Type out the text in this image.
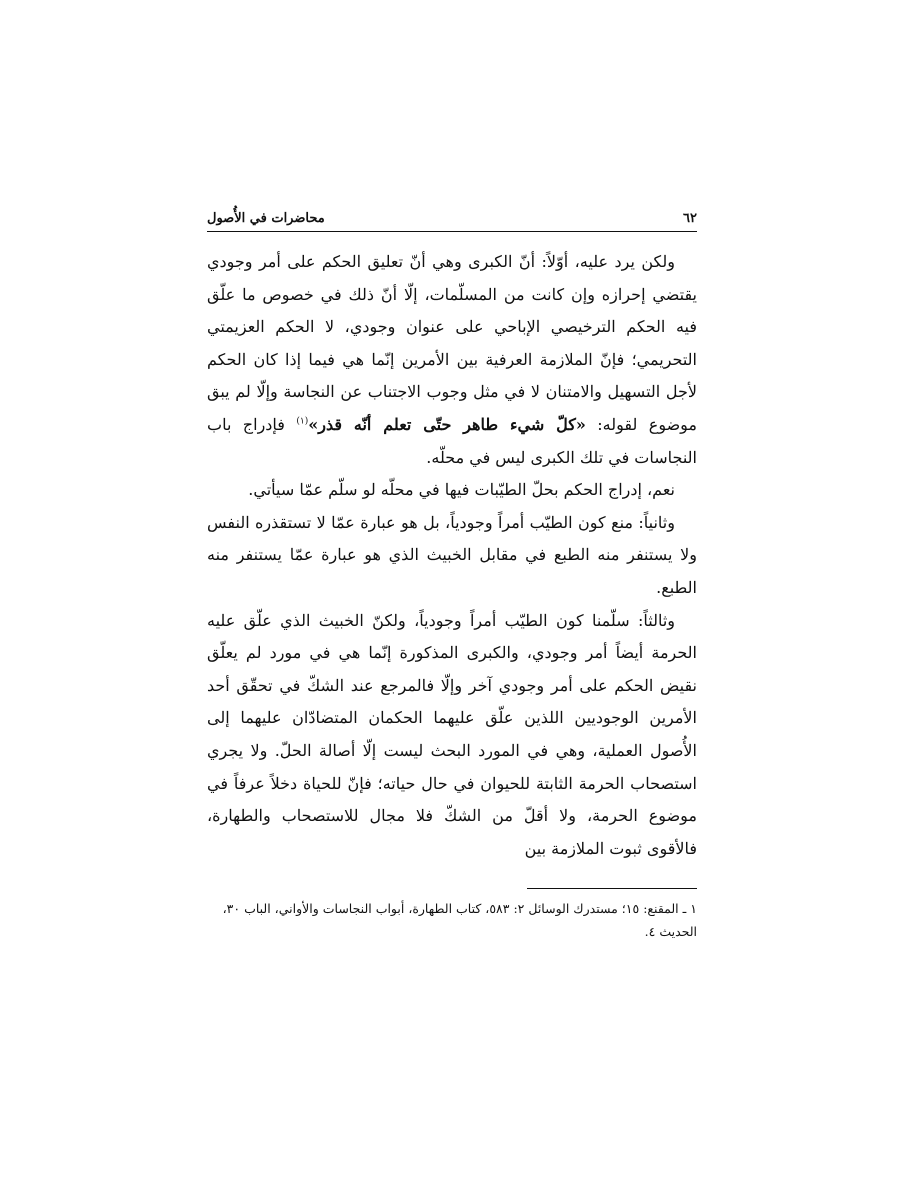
٦٢
محاضرات في الأُصول

ولكن يرد عليه، أوّلاً: أنّ الكبرى وهي أنّ تعليق الحكم على أمر وجودي يقتضي إحرازه وإن كانت من المسلّمات، إلّا أنّ ذلك في خصوص ما علّق فيه الحكم الترخيصي الإباحي على عنوان وجودي، لا الحكم العزيمتي التحريمي؛ فإنّ الملازمة العرفية بين الأمرين إنّما هي فيما إذا كان الحكم لأجل التسهيل والامتنان لا في مثل وجوب الاجتناب عن النجاسة وإلّا لم يبق موضوع لقوله: «كلّ شيء طاهر حتّى تعلم أنّه قذر»$^{(١)}$ فإدراج باب النجاسات في تلك الكبرى ليس في محلّه.

نعم، إدراج الحكم بحلّ الطيّبات فيها في محلّه لو سلّم عمّا سيأتي.

وثانياً: منع كون الطيّب أمراً وجودياً، بل هو عبارة عمّا لا تستقذره النفس ولا يستنفر منه الطبع في مقابل الخبيث الذي هو عبارة عمّا يستنفر منه الطبع.

وثالثاً: سلّمنا كون الطيّب أمراً وجودياً، ولكنّ الخبيث الذي علّق عليه الحرمة أيضاً أمر وجودي، والكبرى المذكورة إنّما هي في مورد لم يعلّق نقيض الحكم على أمر وجودي آخر وإلّا فالمرجع عند الشكّ في تحقّق أحد الأمرين الوجوديين اللذين علّق عليهما الحكمان المتضادّان عليهما إلى الأُصول العملية، وهي في المورد البحث ليست إلّا أصالة الحلّ. ولا يجري استصحاب الحرمة الثابتة للحيوان في حال حياته؛ فإنّ للحياة دخلاً عرفاً في موضوع الحرمة، ولا أقلّ من الشكّ فلا مجال للاستصحاب والطهارة، فالأقوى ثبوت الملازمة بين

١ ـ المقنع: ١٥؛ مستدرك الوسائل ٢: ٥٨٣، كتاب الطهارة، أبواب النجاسات والأواني، الباب ٣٠، الحديث ٤.
